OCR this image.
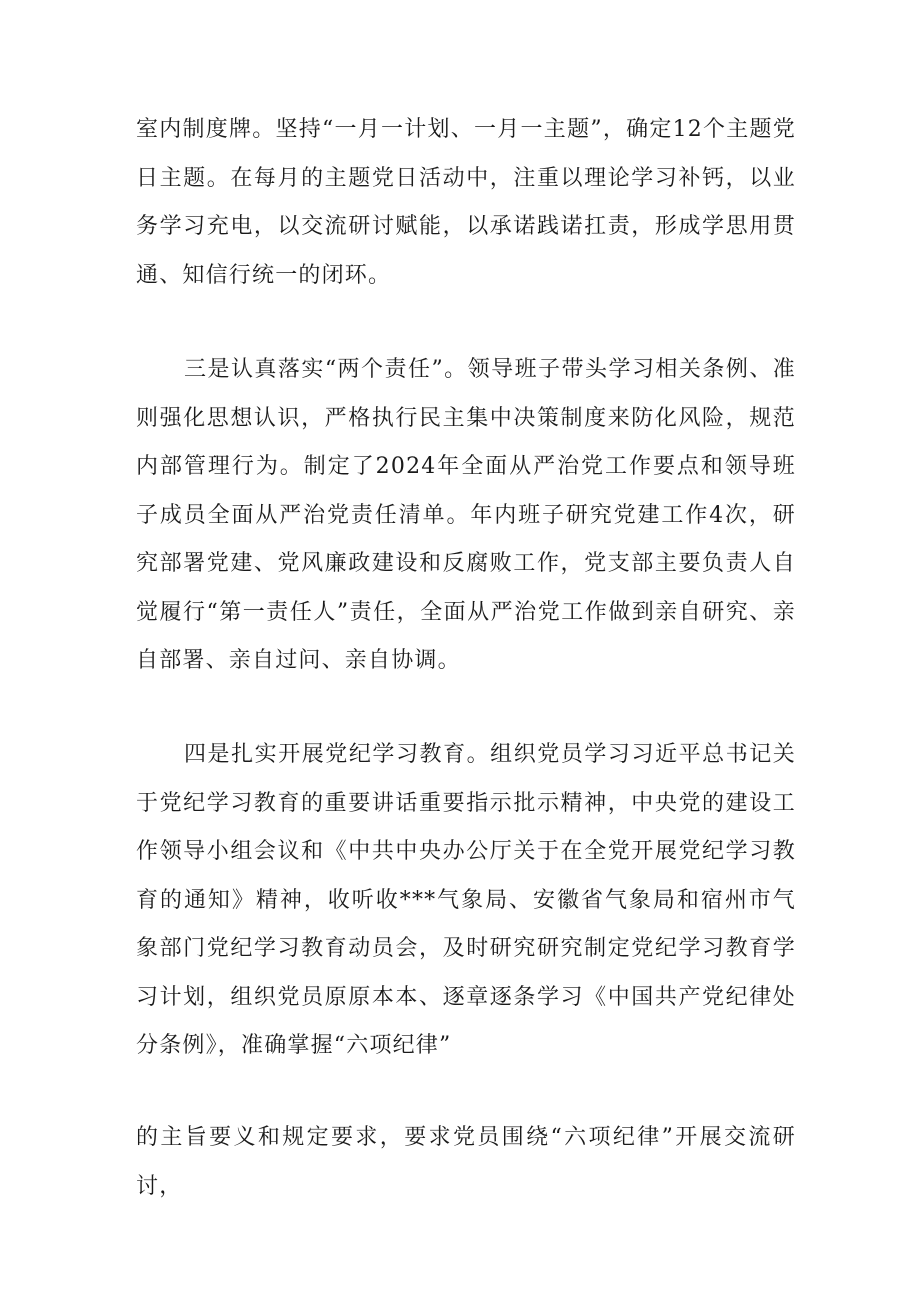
室内制度牌。坚持“一月一计划、一月一主题”，确定12个主题党日主题。在每月的主题党日活动中，注重以理论学习补钙，以业务学习充电，以交流研讨赋能，以承诺践诺扛责，形成学思用贯通、知信行统一的闭环。

三是认真落实“两个责任”。领导班子带头学习相关条例、准则强化思想认识，严格执行民主集中决策制度来防化风险，规范内部管理行为。制定了2024年全面从严治党工作要点和领导班子成员全面从严治党责任清单。年内班子研究党建工作4次，研究部署党建、党风廉政建设和反腐败工作，党支部主要负责人自觉履行“第一责任人”责任，全面从严治党工作做到亲自研究、亲自部署、亲自过问、亲自协调。

四是扎实开展党纪学习教育。组织党员学习习近平总书记关于党纪学习教育的重要讲话重要指示批示精神，中央党的建设工作领导小组会议和《中共中央办公厅关于在全党开展党纪学习教育的通知》精神，收听收***气象局、安徽省气象局和宿州市气象部门党纪学习教育动员会，及时研究研究制定党纪学习教育学习计划，组织党员原原本本、逐章逐条学习《中国共产党纪律处分条例》，准确掌握“六项纪律”

的主旨要义和规定要求，要求党员围绕“六项纪律”开展交流研讨，
